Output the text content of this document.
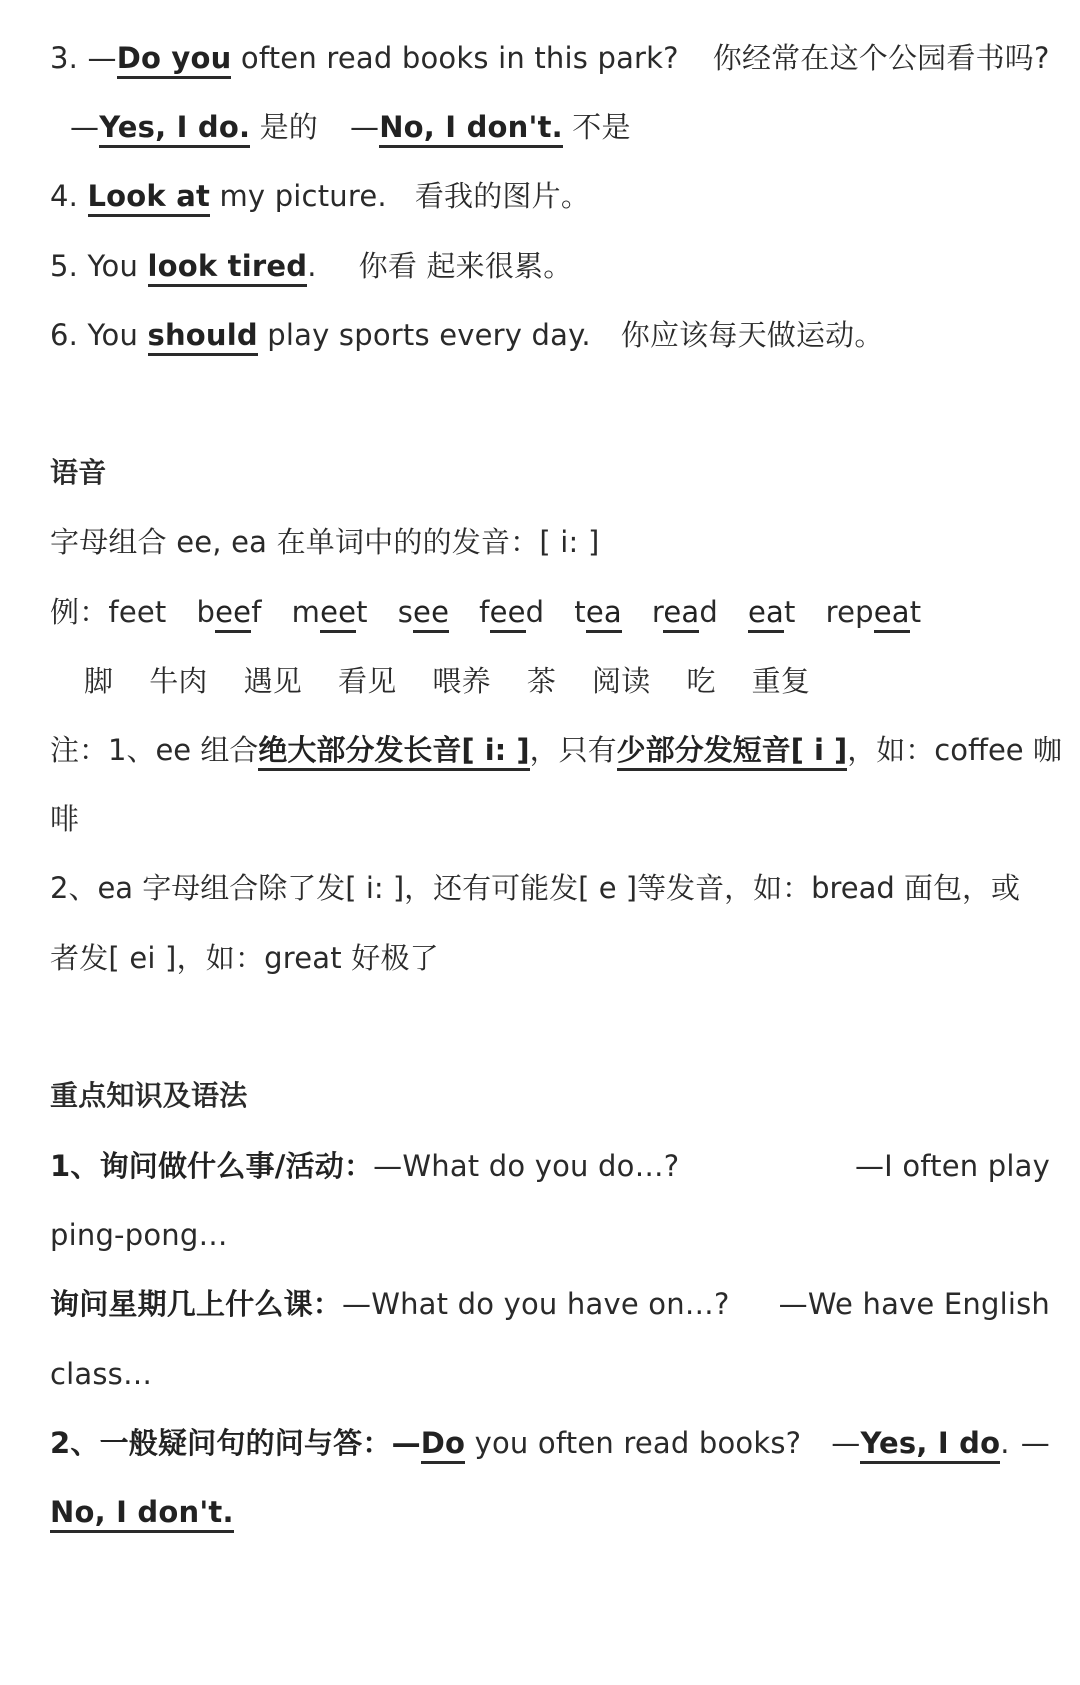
3. —Do you often read books in this park? 你经常在这个公园看书吗?
—Yes, I do. 是的 —No, I don't. 不是
4. Look at my picture. 看我的图片。
5. You look tired. 你看 起来很累。
6. You should play sports every day. 你应该每天做运动。
语音
字母组合 ee, ea 在单词中的的发音：[ i: ]
例：feet beef meet see feed tea read eat repeat
脚 牛肉 遇见 看见 喂养 茶 阅读 吃 重复
注：1、ee 组合绝大部分发长音[ i: ]，只有少部分发短音[ i ]，如：coffee 咖
啡
2、ea 字母组合除了发[ i: ]，还有可能发[ e ]等发音，如：bread 面包，或
者发[ ei ]，如：great 好极了
重点知识及语法
1、询问做什么事/活动：—What do you do…?	—I often play
ping-pong…
询问星期几上什么课：—What do you have on…? —We have English
class…
2、一般疑问句的问与答：—Do you often read books? —Yes, I do. —
No, I don't.
